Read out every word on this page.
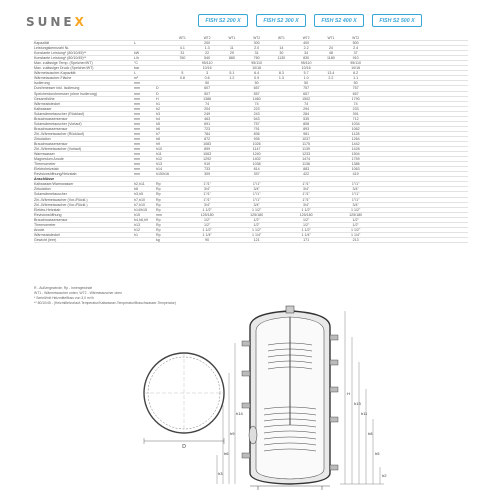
SUNE X	FISH S2 200 X	FISH S2 300 X	FISH S2 400 X	FISH S2 500 X
WT1	WT2	WT1	WT2	WT1	WT2	WT1	WT2
Kapazität	L	200	300	400	500
Leistungskennzahl Nʟ	4.1	1.3	11	2.0	14	2.2	24	2.4
Konstante Leistung* (80/10/45)**	kW	31	22	29	31	30	34	48	37
Konstante Leistung* (80/10/45)**	L/h	760	540	880	760	1130	830	1180	910
Max. zulässige Temp. (Speicher/WT)	°C	95/110	95/110	95/110	95/110
Max. zulässiger Druck (Speicher/WT)	bar	10/16	10/16	10/16	10/16
Wärmetauscher-Kapazität	L	5	3	5.1	6.4	8.3	5.7	13.4	6.2
Wärmetauscher-Fläche	m²	0.8	0.6	1.2	0.9	1.3	1.0	2.2	1.1
Isolierung	mm	50	50	50	50
Durchmesser inkl. Isolierung	mm	D	607	657	757	757
Speicherdurchmesser (ohne Isolierung)	mm	D	507	557	657	657
Gesamthöhe	mm	H	1386	1460	1502	1790
Wärmeabdeckel	mm	h1	74	74	74	74
Kaltwasser	mm	h2	204	223	294	233
Solarwärmetauscher (Rücklauf)	mm	h3	249	243	284	391
Brauchwassersensor	mm	h4	463	543	535	712
Solarwärmetauscher (Vorlauf)	mm	h5	691	757	808	1034
Brauchwassersensor	mm	h6	723	791	893	1062
Zirl.-Wärmetauscher (Rücklauf)	mm	h7	784	836	981	1128
Zirkulation	mm	h8	872	936	1037	1264
Brauchwassersensor	mm	h9	1083	1026	1175	1442
Zirl.-Wärmetauscher (Vorlauf)	mm	h10	899	1147	1139	1428
Warmwasser	mm	h11	1063	1240	1233	1504
Magnesium Anode	mm	h12	1292	1402	1474	1759
Thermometer	mm	h13	910	1038	1136	1386
Elektroheizstab	mm	h14	733	814	883	1063
Revisionsöffnung/Heizstab	mm	h15/h16	309	397	422	419
Anschlüsse
Kaltwasser/Warmwasser	h2,h11	Rp	1"/1"	1"/1"	1"/1"	1"/1"
Zirkulation	h8	Rp	3/4"	3/4"	3/4"	3/4"
Solarwärmetauscher	h3,h5	Rp	1"/1"	1"/1"	1"/1"	1"/1"
Zirl.-Wärmetauscher (Vor-/Rückl.)	h7,h10	Rp	1"/1"	1"/1"	1"/1"	1"/1"
Zirl.-Wärmetauscher (Vor-/Rückl.)	h7,h10	Rp	3/4"	3/4"	3/4"	3/4"
Elektro-Heizstab	h14/h15	Rp	1 1/2"	1 1/2"	1 1/2"	1 1/2"
Revisionsöffnung	h15	mm	125/180	125/180	125/180	125/180
Brauchwassersensor	h4,h6,h9	Rp	1/2"	1/2"	1/2"	1/2"
Thermometer	h13	Rp	1/2"	1/2"	1/2"	1/2"
Anode	h12	Rp	1 1/2"	1 1/2"	1 1/2"	1 1/2"
Wärmeabdeckel	h1	Rp	1 1/4"	1 1/4"	1 1/4"	1 1/4"
Gewicht (leer)	kg	90	121	171	213
R - Außengewinde, Rp - Innengewinde
WT1 - Wärmetauscher unten, WT2 - Wärmetauscher oben
* Seriell/mit Heizmittelfluss von 3,0 m³/h
** 80/10/45 - (Heizmittelvorlauf-Temperatur/Kaltwasser-Temperatur/Brauchwasser-Temperatur)
D
H
h13
h11
h8
h5
h2
h14
h9
h6
h3
